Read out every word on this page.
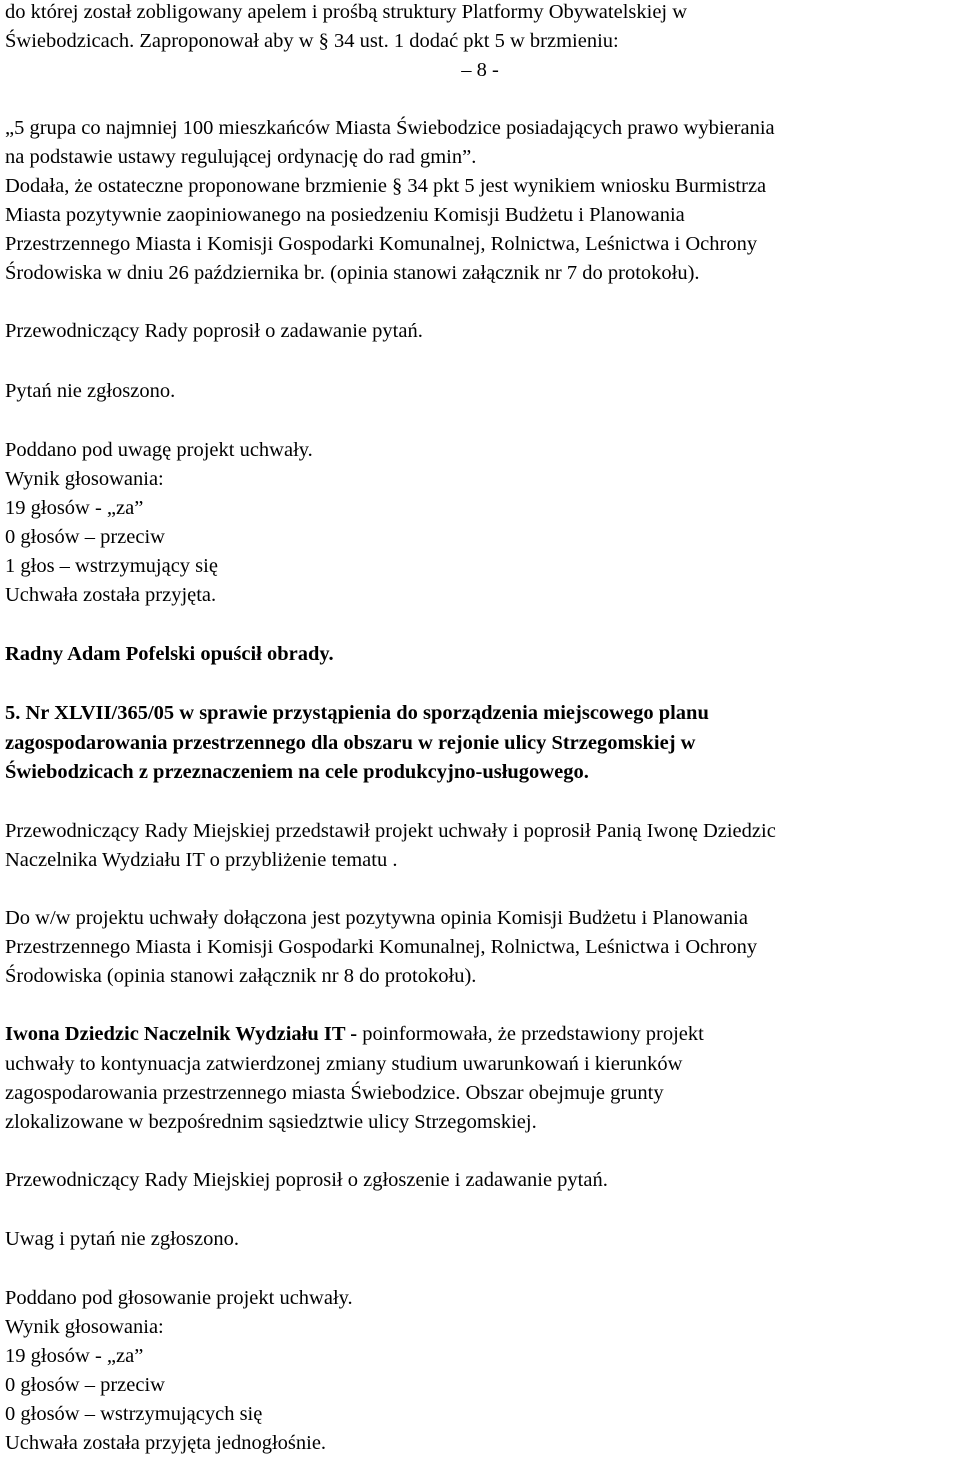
do której został zobligowany apelem i prośbą struktury Platformy Obywatelskiej w

Świebodzicach. Zaproponował aby w § 34 ust. 1 dodać pkt 5 w brzmieniu:

– 8 -

„5 grupa co najmniej 100 mieszkańców Miasta Świebodzice posiadających prawo wybierania

na podstawie ustawy regulującej ordynację do rad gmin”.

Dodała, że ostateczne proponowane brzmienie § 34 pkt 5 jest wynikiem wniosku Burmistrza

Miasta pozytywnie zaopiniowanego na posiedzeniu Komisji Budżetu i Planowania

Przestrzennego Miasta i Komisji Gospodarki Komunalnej, Rolnictwa, Leśnictwa i Ochrony

Środowiska w dniu 26 października br. (opinia stanowi załącznik nr 7 do protokołu).

Przewodniczący Rady poprosił o zadawanie pytań.

Pytań nie zgłoszono.

Poddano pod uwagę projekt uchwały.

Wynik głosowania:

19 głosów - „za”

0 głosów – przeciw

1 głos – wstrzymujący się

Uchwała została przyjęta.

Radny Adam Pofelski opuścił obrady.

5. Nr XLVII/365/05 w sprawie przystąpienia do sporządzenia miejscowego planu

zagospodarowania przestrzennego dla obszaru w rejonie ulicy Strzegomskiej w

Świebodzicach z przeznaczeniem na cele produkcyjno-usługowego.

Przewodniczący Rady Miejskiej przedstawił projekt uchwały i poprosił Panią Iwonę Dziedzic

Naczelnika Wydziału IT o przybliżenie tematu .

Do w/w projektu uchwały dołączona jest pozytywna opinia Komisji Budżetu i Planowania

Przestrzennego Miasta i Komisji Gospodarki Komunalnej, Rolnictwa, Leśnictwa i Ochrony

Środowiska (opinia stanowi załącznik nr 8 do protokołu).

Iwona Dziedzic Naczelnik Wydziału IT - poinformowała, że przedstawiony projekt

uchwały to kontynuacja zatwierdzonej zmiany studium uwarunkowań i kierunków

zagospodarowania przestrzennego miasta Świebodzice. Obszar obejmuje grunty

zlokalizowane w bezpośrednim sąsiedztwie ulicy Strzegomskiej.

Przewodniczący Rady Miejskiej poprosił o zgłoszenie i zadawanie pytań.

Uwag i pytań nie zgłoszono.

Poddano pod głosowanie projekt uchwały.

Wynik głosowania:

19 głosów - „za”

0 głosów – przeciw

0 głosów – wstrzymujących się

Uchwała została przyjęta jednogłośnie.
